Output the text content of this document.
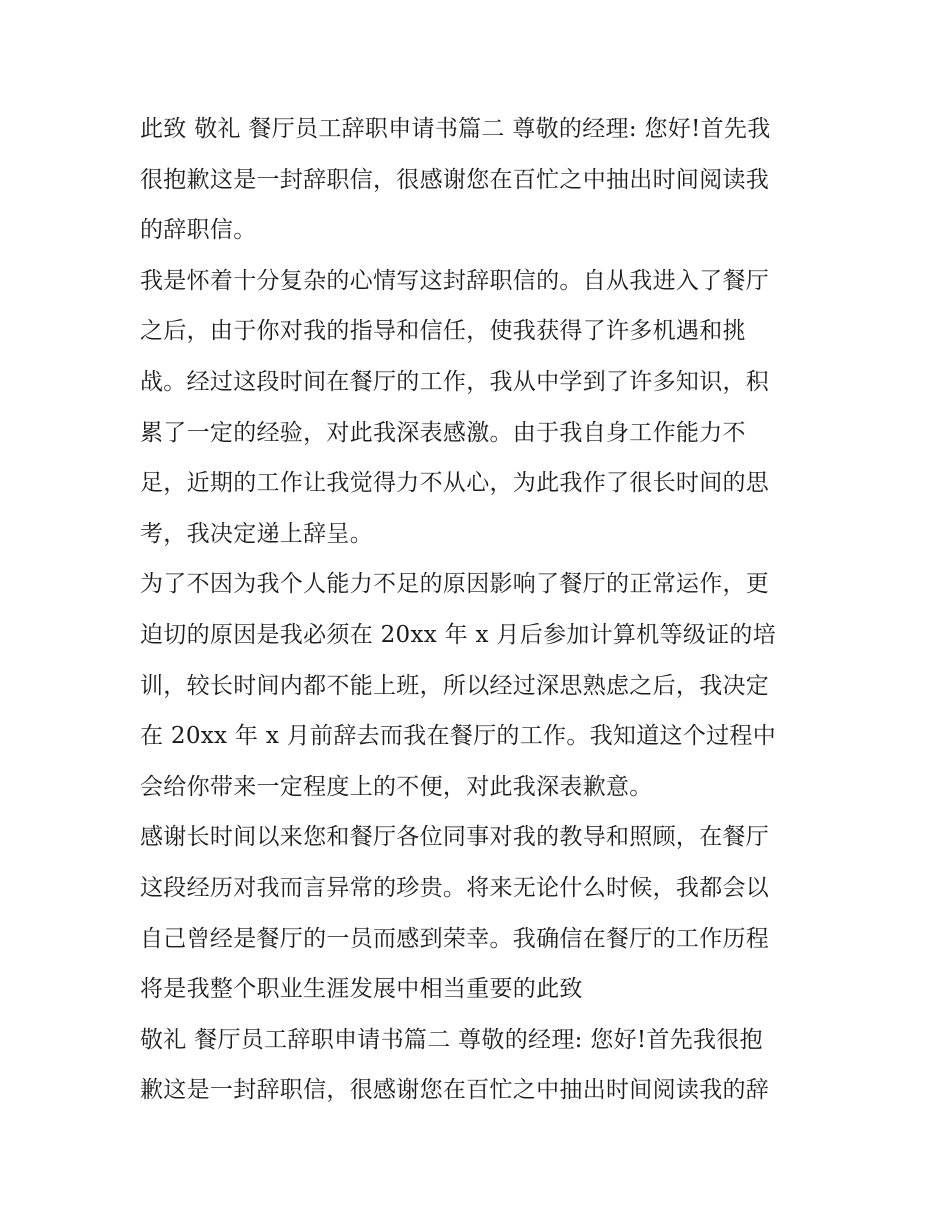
此致 敬礼 餐厅员工辞职申请书篇二 尊敬的经理: 您好!首先我
很抱歉这是一封辞职信，很感谢您在百忙之中抽出时间阅读我
的辞职信。
我是怀着十分复杂的心情写这封辞职信的。自从我进入了餐厅
之后，由于你对我的指导和信任，使我获得了许多机遇和挑
战。经过这段时间在餐厅的工作，我从中学到了许多知识，积
累了一定的经验，对此我深表感激。由于我自身工作能力不
足，近期的工作让我觉得力不从心，为此我作了很长时间的思
考，我决定递上辞呈。
为了不因为我个人能力不足的原因影响了餐厅的正常运作，更
迫切的原因是我必须在 20xx 年 x 月后参加计算机等级证的培
训，较长时间内都不能上班，所以经过深思熟虑之后，我决定
在 20xx 年 x 月前辞去而我在餐厅的工作。我知道这个过程中
会给你带来一定程度上的不便，对此我深表歉意。
感谢长时间以来您和餐厅各位同事对我的教导和照顾，在餐厅
这段经历对我而言异常的珍贵。将来无论什么时候，我都会以
自己曾经是餐厅的一员而感到荣幸。我确信在餐厅的工作历程
将是我整个职业生涯发展中相当重要的此致
敬礼 餐厅员工辞职申请书篇二 尊敬的经理: 您好!首先我很抱
歉这是一封辞职信，很感谢您在百忙之中抽出时间阅读我的辞
